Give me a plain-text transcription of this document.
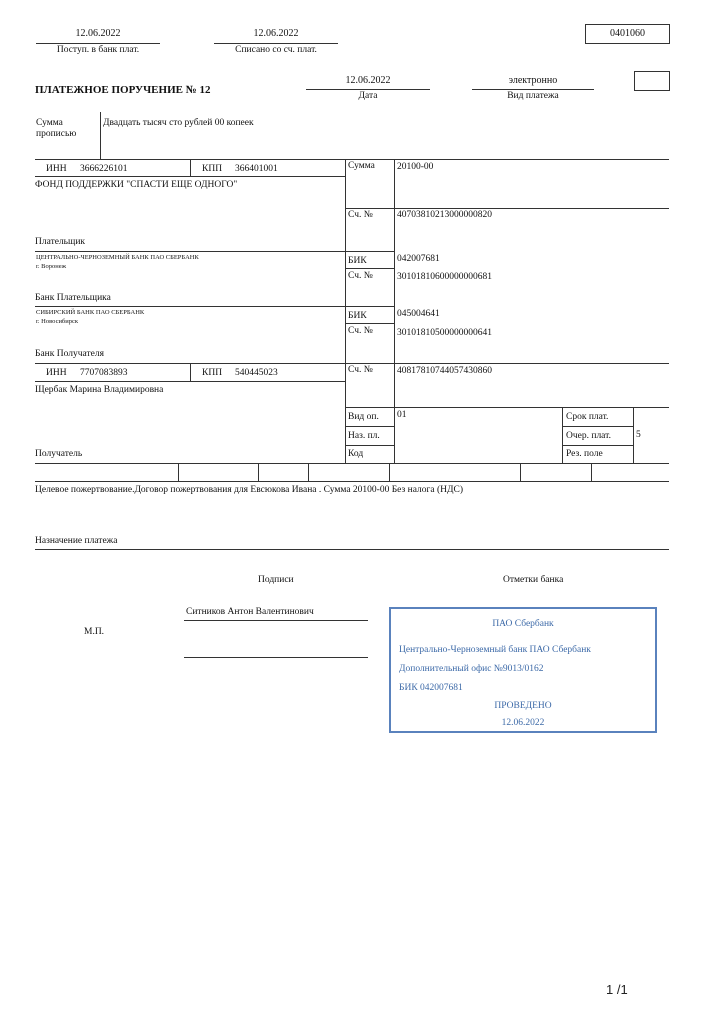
12.06.2022
Поступ. в банк плат.
12.06.2022
Списано со сч. плат.
0401060
ПЛАТЕЖНОЕ ПОРУЧЕНИЕ № 12
12.06.2022
Дата
электронно
Вид платежа
Сумма
прописью
Двадцать тысяч сто рублей 00 копеек
ИНН 3666226101	КПП 366401001
ФОНД ПОДДЕРЖКИ "СПАСТИ ЕЩЕ ОДНОГО"
Плательщик
Сумма 20100-00
Сч. №	40703810213000000820
ЦЕНТРАЛЬНО-ЧЕРНОЗЕМНЫЙ БАНК ПАО СБЕРБАНК
г. Воронеж
Банк Плательщика
БИК	042007681
Сч. №	30101810600000000681
СИБИРСКИЙ БАНК ПАО СБЕРБАНК
г. Новосибирск
Банк Получателя
БИК	045004641
Сч. №	30101810500000000641
ИНН 7707083893	КПП 540445023
Щербак Марина Владимировна
Получатель
Сч. №	40817810744057430860
Вид оп. 01
Наз. пл.
Код
Срок плат.
Очер. плат.	5
Рез. поле
Целевое пожертвование.Договор пожертвования для Евсюкова Ивана . Сумма 20100-00 Без налога (НДС)
Назначение платежа
Подписи	Отметки банка
Ситников Антон Валентинович
М.П.
ПАО Сбербанк
Центрально-Черноземный банк ПАО Сбербанк
Дополнительный офис №9013/0162
БИК 042007681
ПРОВЕДЕНО
12.06.2022
1 /1
